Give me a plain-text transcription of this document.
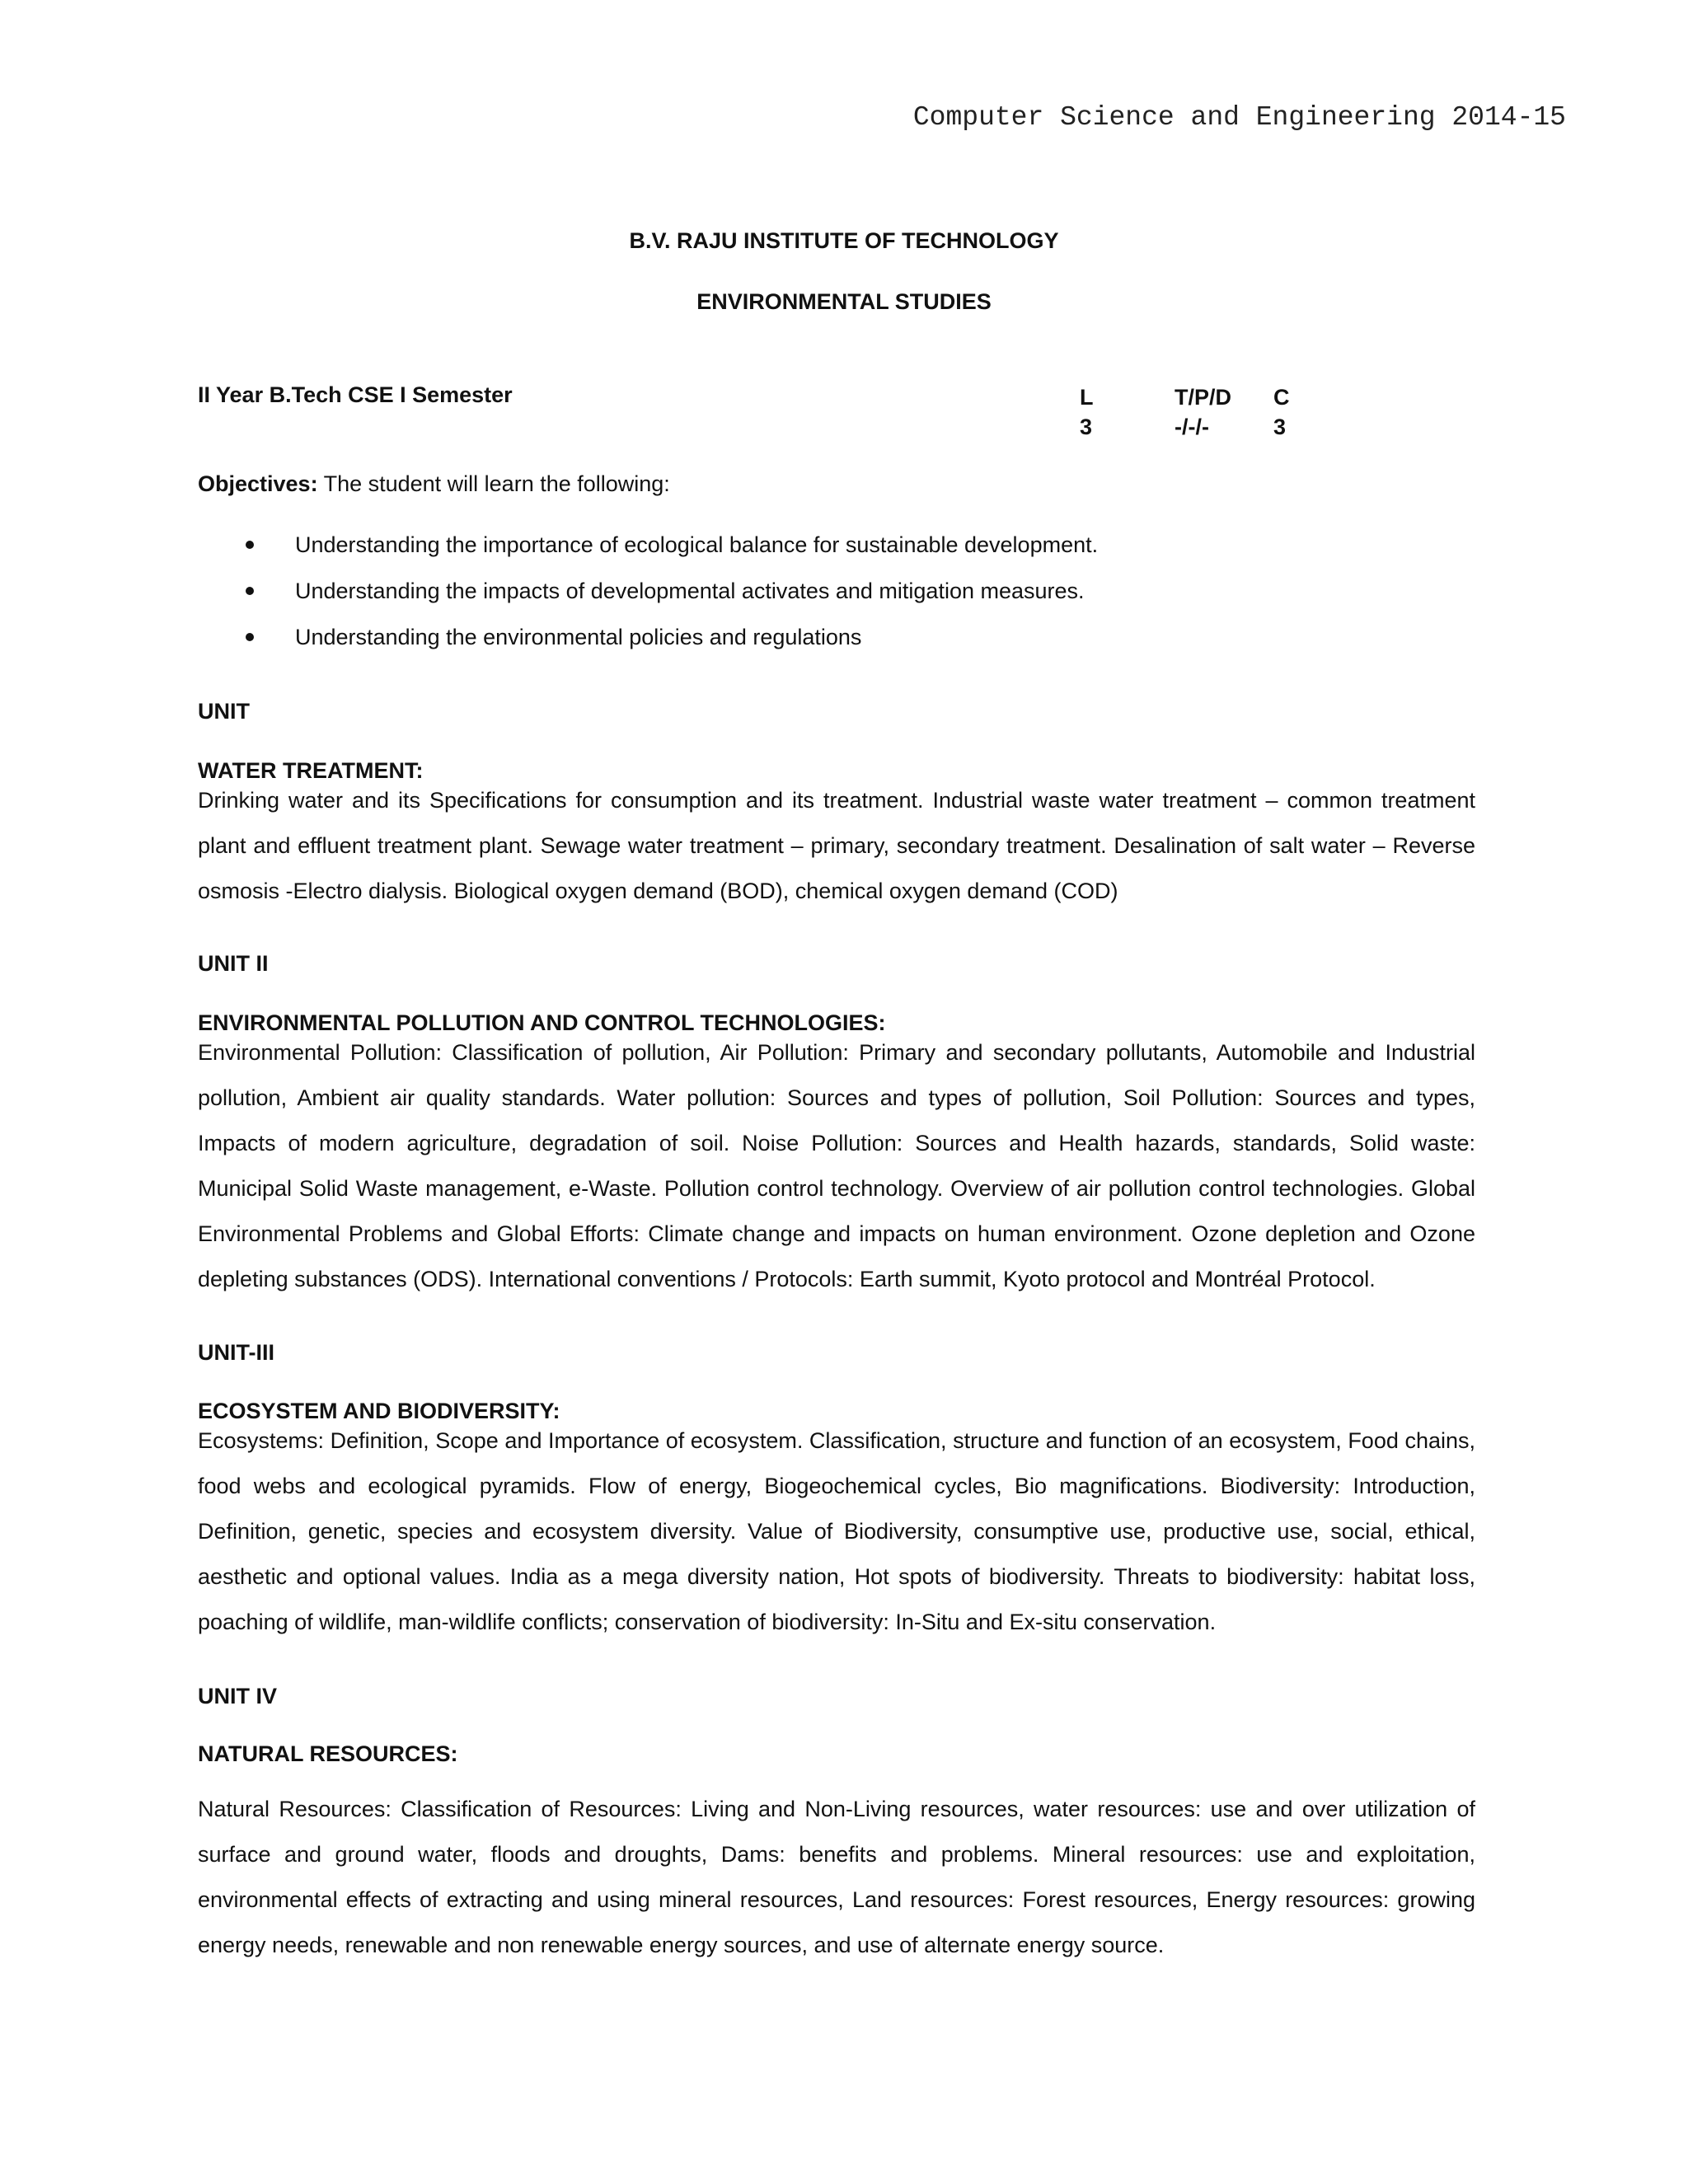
Computer Science and Engineering 2014-15
B.V. RAJU INSTITUTE OF TECHNOLOGY
ENVIRONMENTAL STUDIES
II Year B.Tech CSE I Semester	L
3
T/P/D
-/-/-
C
3
Objectives: The student will learn the following:
Understanding the importance of ecological balance for sustainable development.
Understanding the impacts of developmental activates and mitigation measures.
Understanding the environmental policies and regulations
UNIT
WATER TREATMENT:
Drinking water and its Specifications for consumption and its treatment. Industrial waste water treatment – common treatment plant and effluent treatment plant. Sewage water treatment – primary, secondary treatment. Desalination of salt water – Reverse osmosis -Electro dialysis. Biological oxygen demand (BOD), chemical oxygen demand (COD)
UNIT II
ENVIRONMENTAL POLLUTION AND CONTROL TECHNOLOGIES:
Environmental Pollution: Classification of pollution, Air Pollution: Primary and secondary pollutants, Automobile and Industrial pollution, Ambient air quality standards. Water pollution: Sources and types of pollution, Soil Pollution: Sources and types, Impacts of modern agriculture, degradation of soil. Noise Pollution: Sources and Health hazards, standards, Solid waste: Municipal Solid Waste management, e-Waste. Pollution control technology. Overview of air pollution control technologies. Global Environmental Problems and Global Efforts: Climate change and impacts on human environment. Ozone depletion and Ozone depleting substances (ODS). International conventions / Protocols: Earth summit, Kyoto protocol and Montréal Protocol.
UNIT-III
ECOSYSTEM AND BIODIVERSITY:
Ecosystems: Definition, Scope and Importance of ecosystem. Classification, structure and function of an ecosystem, Food chains, food webs and ecological pyramids. Flow of energy, Biogeochemical cycles, Bio magnifications. Biodiversity: Introduction, Definition, genetic, species and ecosystem diversity. Value of Biodiversity, consumptive use, productive use, social, ethical, aesthetic and optional values. India as a mega diversity nation, Hot spots of biodiversity. Threats to biodiversity: habitat loss, poaching of wildlife, man-wildlife conflicts; conservation of biodiversity: In-Situ and Ex-situ conservation.
UNIT IV
NATURAL RESOURCES:
Natural Resources: Classification of Resources: Living and Non-Living resources, water resources: use and over utilization of surface and ground water, floods and droughts, Dams: benefits and problems. Mineral resources: use and exploitation, environmental effects of extracting and using mineral resources, Land resources: Forest resources, Energy resources: growing energy needs, renewable and non renewable energy sources, and use of alternate energy source.
